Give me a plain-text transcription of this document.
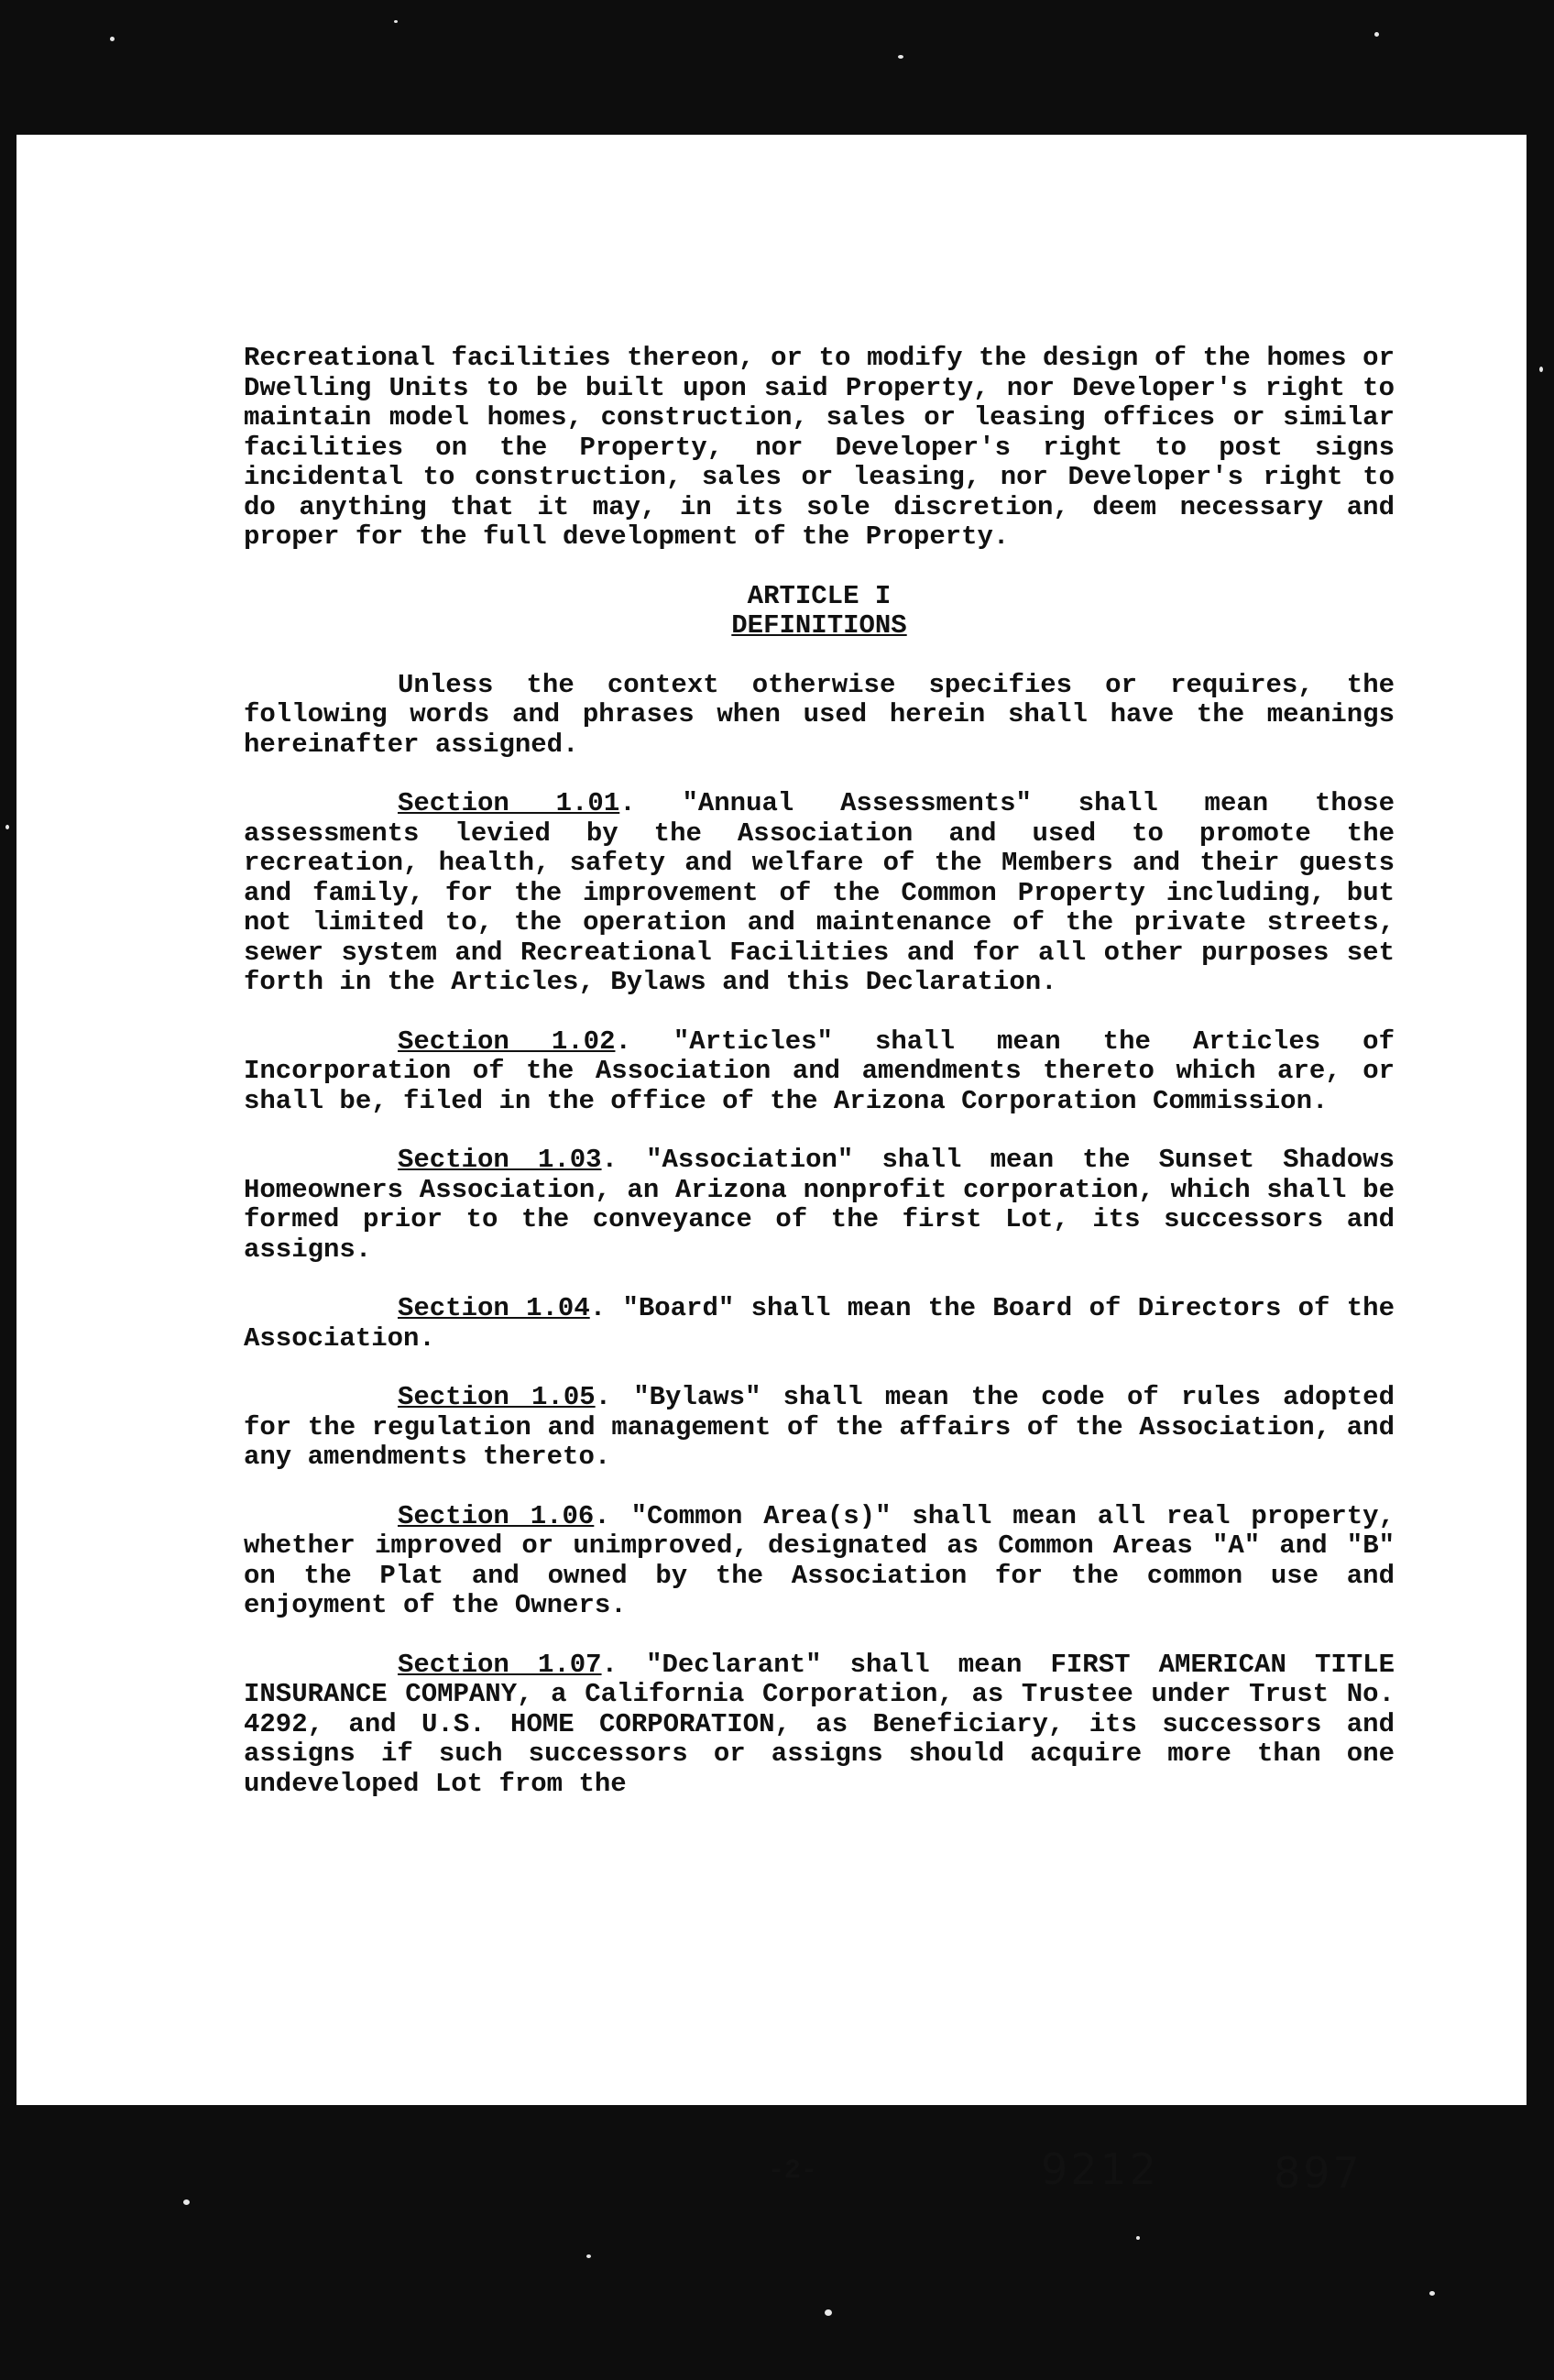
Recreational facilities thereon, or to modify the design of the homes or Dwelling Units to be built upon said Property, nor Developer's right to maintain model homes, construction, sales or leasing offices or similar facilities on the Property, nor Developer's right to post signs incidental to construction, sales or leasing, nor Developer's right to do anything that it may, in its sole discretion, deem necessary and proper for the full development of the Property.

ARTICLE I

DEFINITIONS

Unless the context otherwise specifies or requires, the following words and phrases when used herein shall have the meanings hereinafter assigned.

Section 1.01. "Annual Assessments" shall mean those assessments levied by the Association and used to promote the recreation, health, safety and welfare of the Members and their guests and family, for the improvement of the Common Property including, but not limited to, the operation and maintenance of the private streets, sewer system and Recreational Facilities and for all other purposes set forth in the Articles, Bylaws and this Declaration.

Section 1.02. "Articles" shall mean the Articles of Incorporation of the Association and amendments thereto which are, or shall be, filed in the office of the Arizona Corporation Commission.

Section 1.03. "Association" shall mean the Sunset Shadows Homeowners Association, an Arizona nonprofit corporation, which shall be formed prior to the conveyance of the first Lot, its successors and assigns.

Section 1.04. "Board" shall mean the Board of Directors of the Association.

Section 1.05. "Bylaws" shall mean the code of rules adopted for the regulation and management of the affairs of the Association, and any amendments thereto.

Section 1.06. "Common Area(s)" shall mean all real property, whether improved or unimproved, designated as Common Areas "A" and "B" on the Plat and owned by the Association for the common use and enjoyment of the Owners.

Section 1.07. "Declarant" shall mean FIRST AMERICAN TITLE INSURANCE COMPANY, a California Corporation, as Trustee under Trust No. 4292, and U.S. HOME CORPORATION, as Beneficiary, its successors and assigns if such successors or assigns should acquire more than one undeveloped Lot from the

-2-	9212	897
